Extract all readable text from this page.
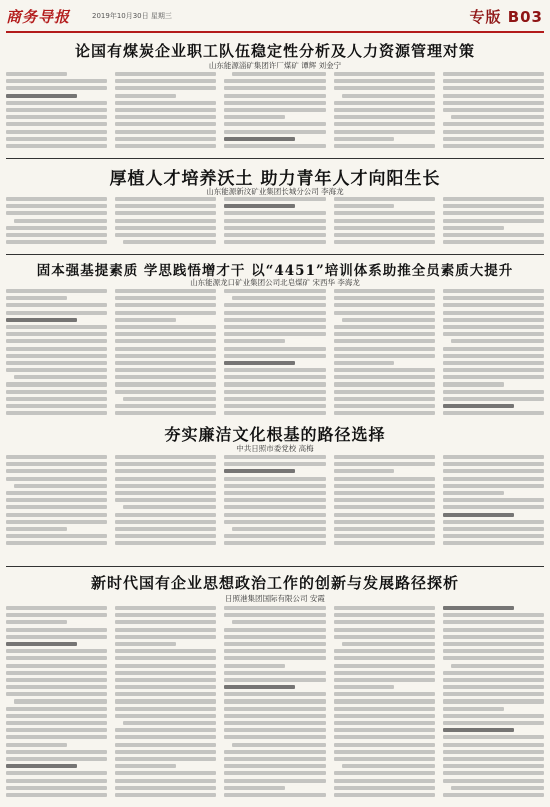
商务导报	2019年10月30日 星期三	专版 B03
论国有煤炭企业职工队伍稳定性分析及人力资源管理对策
山东能源淄矿集团许厂煤矿 谭辉 刘金宁
厚植人才培养沃土 助力青年人才向阳生长
山东能源新汶矿业集团长城分公司 李海龙
固本强基提素质 学思践悟增才干 以“4451”培训体系助推全员素质大提升
山东能源龙口矿业集团公司北皂煤矿 宋西华 李海龙
夯实廉洁文化根基的路径选择
中共日照市委党校 高梅
新时代国有企业思想政治工作的创新与发展路径探析
日照港集团国际有限公司 安霞
